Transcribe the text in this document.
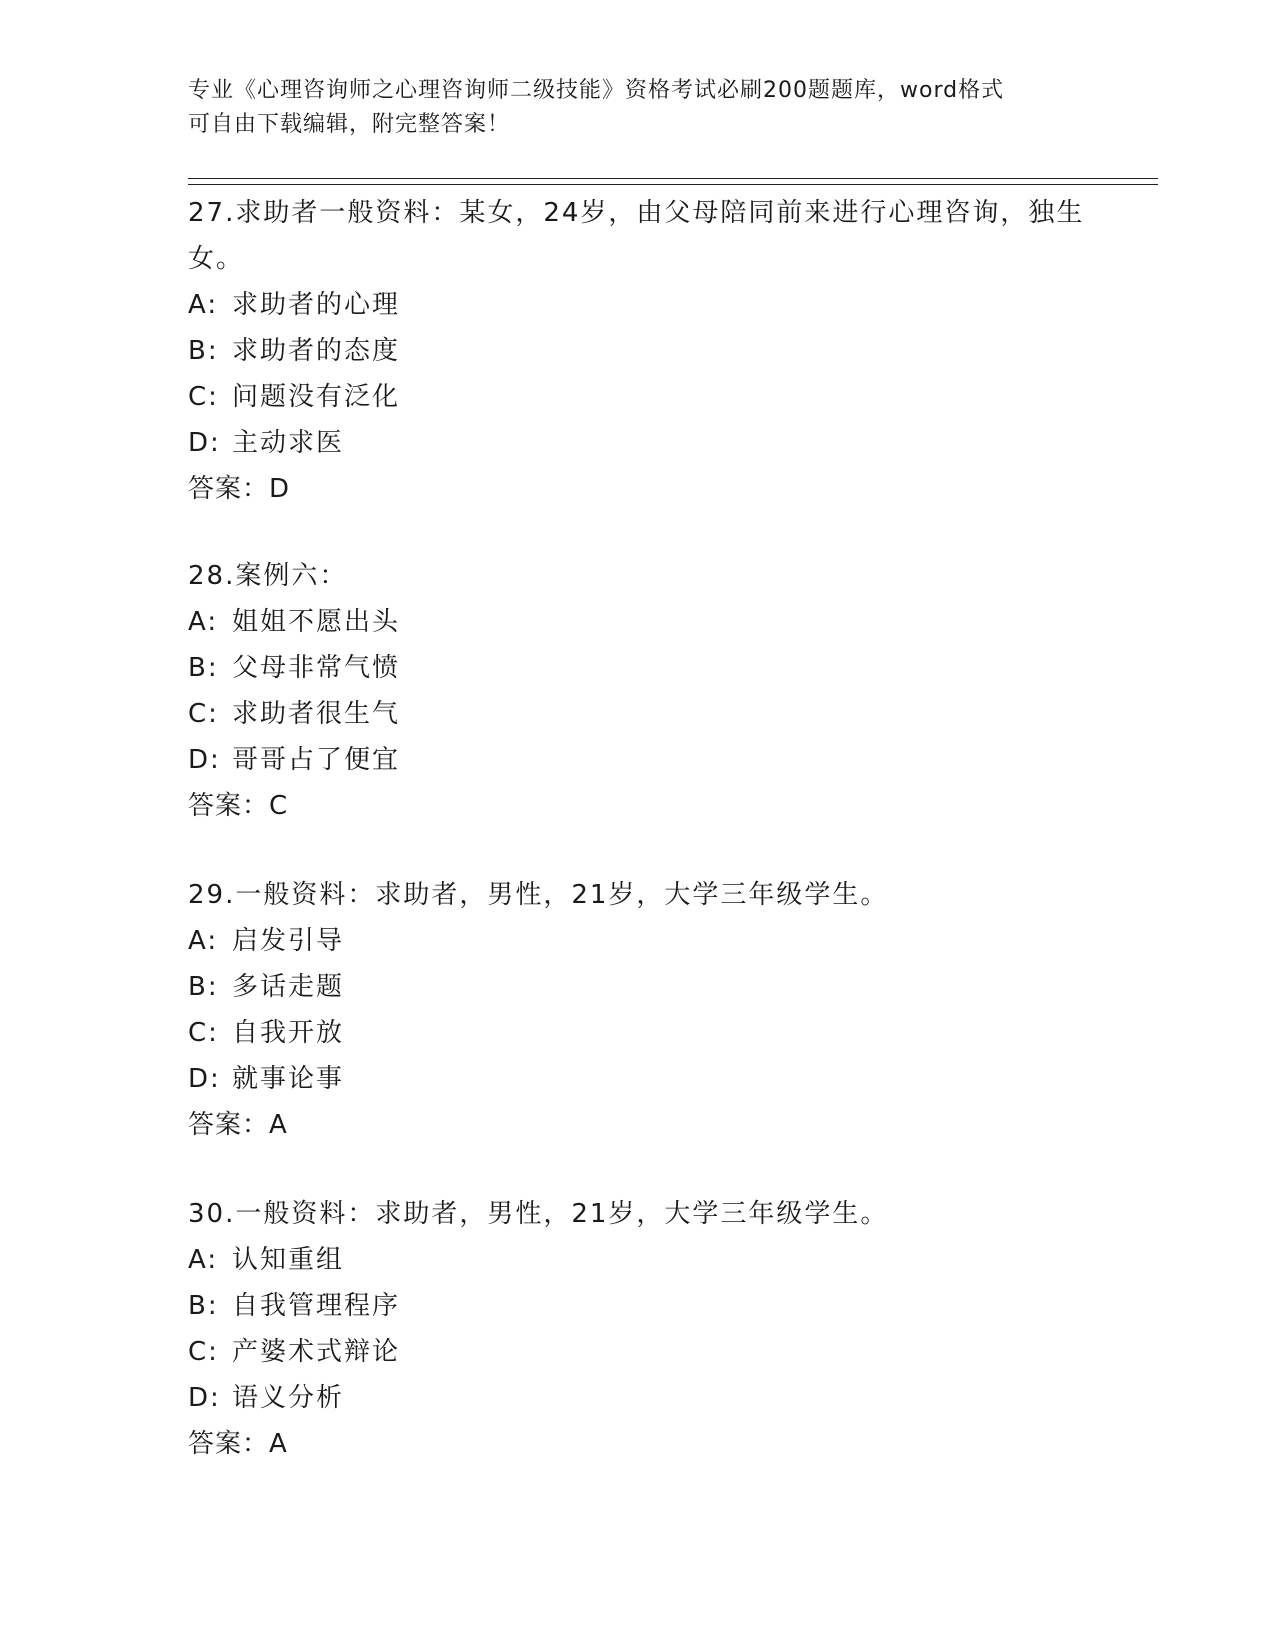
专业《心理咨询师之心理咨询师二级技能》资格考试必刷200题题库，word格式
可自由下载编辑，附完整答案！
27.求助者一般资料：某女，24岁，由父母陪同前来进行心理咨询，独生女。
A: 求助者的心理
B: 求助者的态度
C: 问题没有泛化
D: 主动求医
答案：D
28.案例六：
A: 姐姐不愿出头
B: 父母非常气愤
C: 求助者很生气
D: 哥哥占了便宜
答案：C
29.一般资料：求助者，男性，21岁，大学三年级学生。
A: 启发引导
B: 多话走题
C: 自我开放
D: 就事论事
答案：A
30.一般资料：求助者，男性，21岁，大学三年级学生。
A: 认知重组
B: 自我管理程序
C: 产婆术式辩论
D: 语义分析
答案：A
